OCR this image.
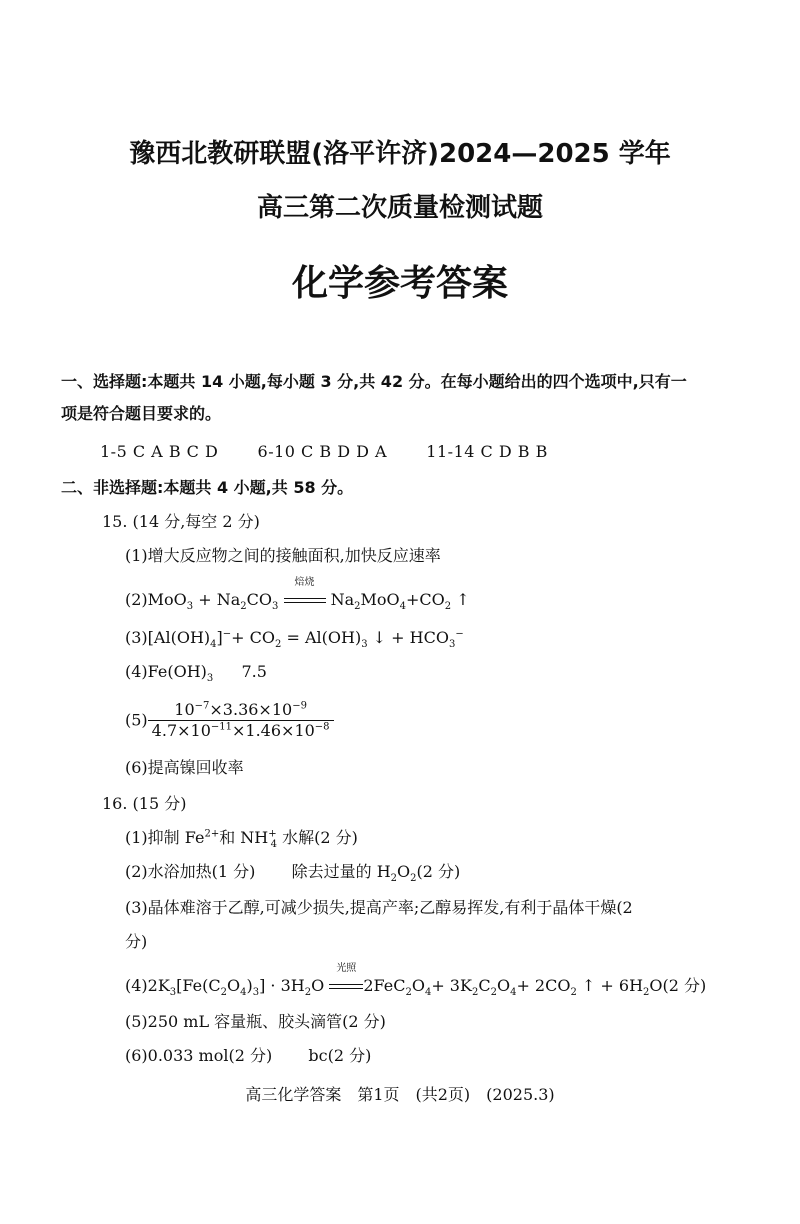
豫西北教研联盟(洛平许济)2024—2025 学年
高三第二次质量检测试题
化学参考答案
一、选择题:本题共 14 小题,每小题 3 分,共 42 分。在每小题给出的四个选项中,只有一
项是符合题目要求的。
1-5 C A B C D 6-10 C B D D A 11-14 C D B B
二、非选择题:本题共 4 小题,共 58 分。
15. (14 分,每空 2 分)
(1)增大反应物之间的接触面积,加快反应速率
$(2)MoO_3 + Na_2CO_3$
焙烧
$Na_2MoO_4+CO_2$ ↑
$(3)[Al(OH)_4]^-+ CO_2 = Al(OH)_3$ ↓ + $HCO_3^-$
$(4)Fe(OH)_3$ 7.5
$(5) \frac{10^{-7}\times 3.36\times 10^{-9}}{4.7\times 10^{-11}\times 1.46\times 10^{-8}}$
(6)提高镍回收率
16. (15 分)
(1)抑制 $Fe^{2+}$和 $NH^+_4$ 水解(2 分)
(2)水浴加热(1 分) 除去过量的 $H_2O_2(2$ 分)
(3)晶体难溶于乙醇,可减少损失,提高产率;乙醇易挥发,有利于晶体干燥(2
分)
$(4)2K_3[Fe(C_2O_4)_3] \cdot 3H_2O$
光照
$2FeC_2O_4+ 3K_2C_2O_4+ 2CO_2$ ↑ + $6H_2O(2$ 分)
(5)250 mL 容量瓶、胶头滴管(2 分)
(6)0.033 mol(2 分) bc(2 分)
高三化学答案　第1页　(共2页)　(2025.3)
